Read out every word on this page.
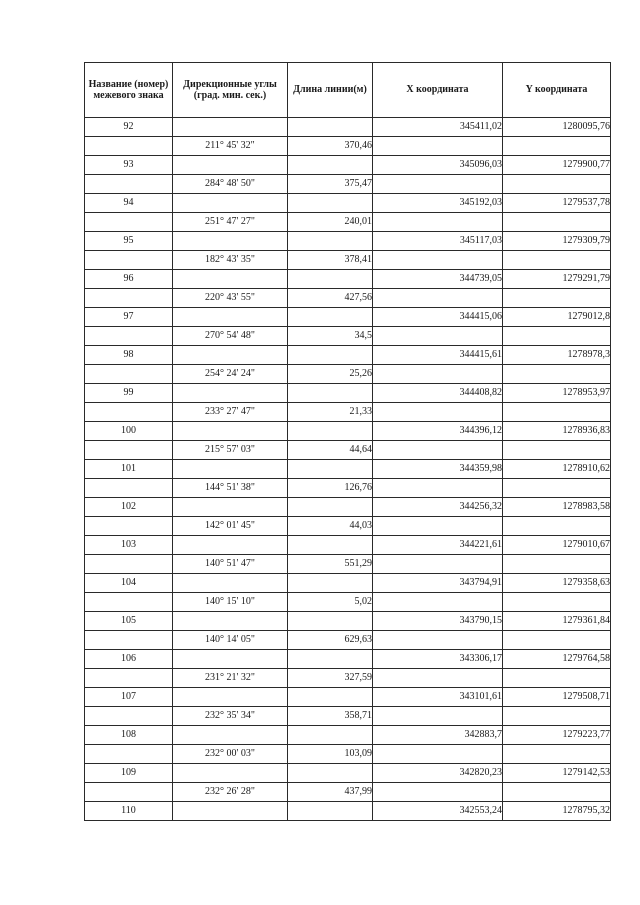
Название (номер) межевого знака	Дирекционные углы (град. мин. сек.)	Длина линии(м)	X координата	Y координата
92			345411,02	1280095,76
	211° 45' 32"	370,46		
93			345096,03	1279900,77
	284° 48' 50"	375,47		
94			345192,03	1279537,78
	251° 47' 27"	240,01		
95			345117,03	1279309,79
	182° 43' 35"	378,41		
96			344739,05	1279291,79
	220° 43' 55"	427,56		
97			344415,06	1279012,8
	270° 54' 48"	34,5		
98			344415,61	1278978,3
	254° 24' 24"	25,26		
99			344408,82	1278953,97
	233° 27' 47"	21,33		
100			344396,12	1278936,83
	215° 57' 03"	44,64		
101			344359,98	1278910,62
	144° 51' 38"	126,76		
102			344256,32	1278983,58
	142° 01' 45"	44,03		
103			344221,61	1279010,67
	140° 51' 47"	551,29		
104			343794,91	1279358,63
	140° 15' 10"	5,02		
105			343790,15	1279361,84
	140° 14' 05"	629,63		
106			343306,17	1279764,58
	231° 21' 32"	327,59		
107			343101,61	1279508,71
	232° 35' 34"	358,71		
108			342883,7	1279223,77
	232° 00' 03"	103,09		
109			342820,23	1279142,53
	232° 26' 28"	437,99		
110			342553,24	1278795,32
